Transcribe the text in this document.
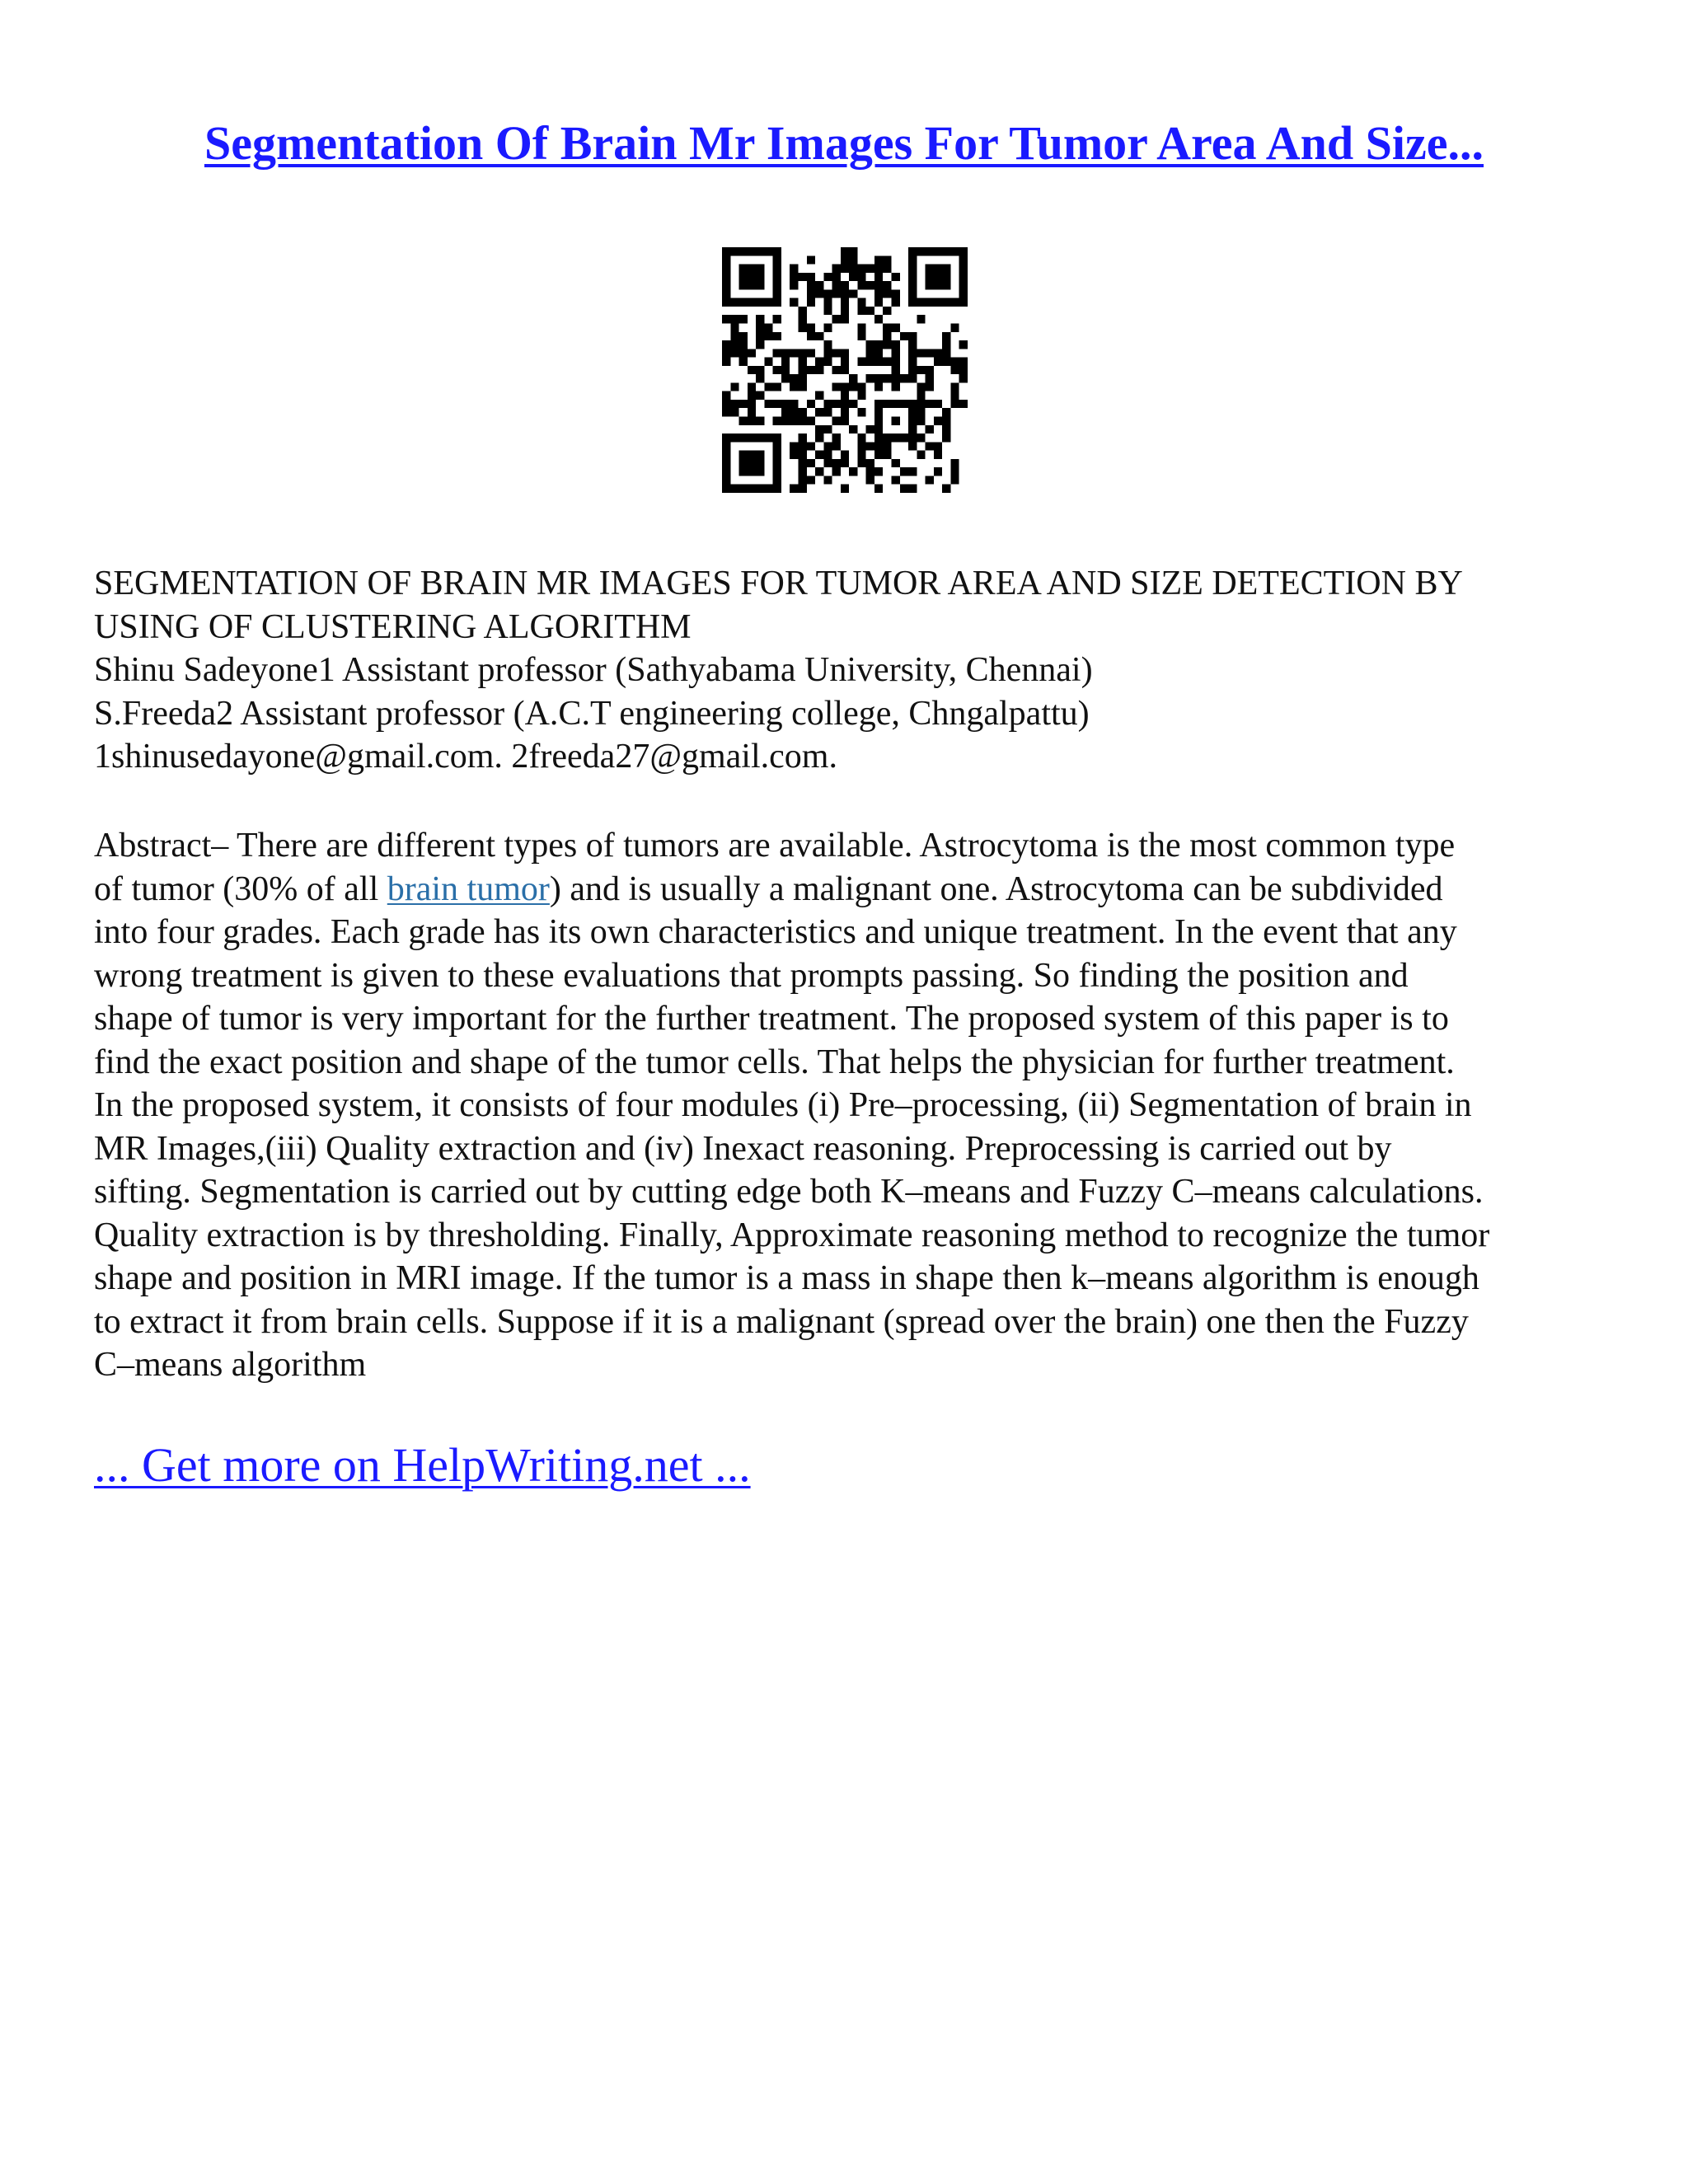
Segmentation Of Brain Mr Images For Tumor Area And Size...
SEGMENTATION OF BRAIN MR IMAGES FOR TUMOR AREA AND SIZE DETECTION BY
USING OF CLUSTERING ALGORITHM
Shinu Sadeyone1 Assistant professor (Sathyabama University, Chennai)
S.Freeda2 Assistant professor (A.C.T engineering college, Chngalpattu)
1shinusedayone@gmail.com. 2freeda27@gmail.com.
Abstract– There are different types of tumors are available. Astrocytoma is the most common type
of tumor (30% of all brain tumor) and is usually a malignant one. Astrocytoma can be subdivided
into four grades. Each grade has its own characteristics and unique treatment. In the event that any
wrong treatment is given to these evaluations that prompts passing. So finding the position and
shape of tumor is very important for the further treatment. The proposed system of this paper is to
find the exact position and shape of the tumor cells. That helps the physician for further treatment.
In the proposed system, it consists of four modules (i) Pre–processing, (ii) Segmentation of brain in
MR Images,(iii) Quality extraction and (iv) Inexact reasoning. Preprocessing is carried out by
sifting. Segmentation is carried out by cutting edge both K–means and Fuzzy C–means calculations.
Quality extraction is by thresholding. Finally, Approximate reasoning method to recognize the tumor
shape and position in MRI image. If the tumor is a mass in shape then k–means algorithm is enough
to extract it from brain cells. Suppose if it is a malignant (spread over the brain) one then the Fuzzy
C–means algorithm
... Get more on HelpWriting.net ...
